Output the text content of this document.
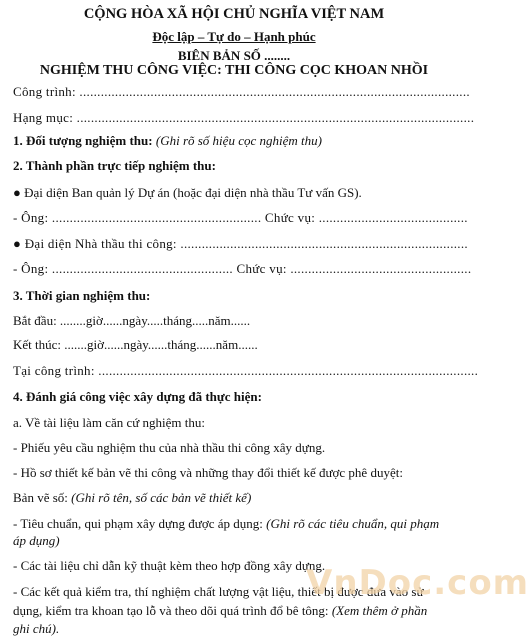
CỘNG HÒA XÃ HỘI CHỦ NGHĨA VIỆT NAM
Độc lập – Tự do – Hạnh phúc
BIÊN BẢN SỐ ........
NGHIỆM THU CÔNG VIỆC: THI CÔNG CỌC KHOAN NHỒI
Công trình: ..............................................................................................................
Hạng mục: ................................................................................................................
1. Đối tượng nghiệm thu: (Ghi rõ số hiệu cọc nghiệm thu)
2. Thành phần trực tiếp nghiệm thu:
● Đại diện Ban quản lý Dự án (hoặc đại diện nhà thầu Tư vấn GS).
- Ông: ........................................................... Chức vụ: ..........................................
● Đại diện Nhà thầu thi công: .................................................................................
- Ông: ................................................... Chức vụ: ...................................................
3. Thời gian nghiệm thu:
Bắt đầu: ........giờ......ngày.....tháng.....năm......
Kết thúc: .......giờ......ngày......tháng......năm......
Tại công trình: ...........................................................................................................
4. Đánh giá công việc xây dựng đã thực hiện:
a. Về tài liệu làm căn cứ nghiệm thu:
- Phiếu yêu cầu nghiệm thu của nhà thầu thi công xây dựng.
- Hồ sơ thiết kế bản vẽ thi công và những thay đổi thiết kế được phê duyệt:
Bản vẽ số: (Ghi rõ tên, số các bản vẽ thiết kế)
- Tiêu chuẩn, qui phạm xây dựng được áp dụng: (Ghi rõ các tiêu chuẩn, qui phạm
áp dụng)
- Các tài liệu chỉ dẫn kỹ thuật kèm theo hợp đồng xây dựng.
- Các kết quả kiểm tra, thí nghiệm chất lượng vật liệu, thiết bị được đưa vào sử
dụng, kiểm tra khoan tạo lỗ và theo dõi quá trình đổ bê tông: (Xem thêm ở phần
ghi chú).
VnDoc.com
